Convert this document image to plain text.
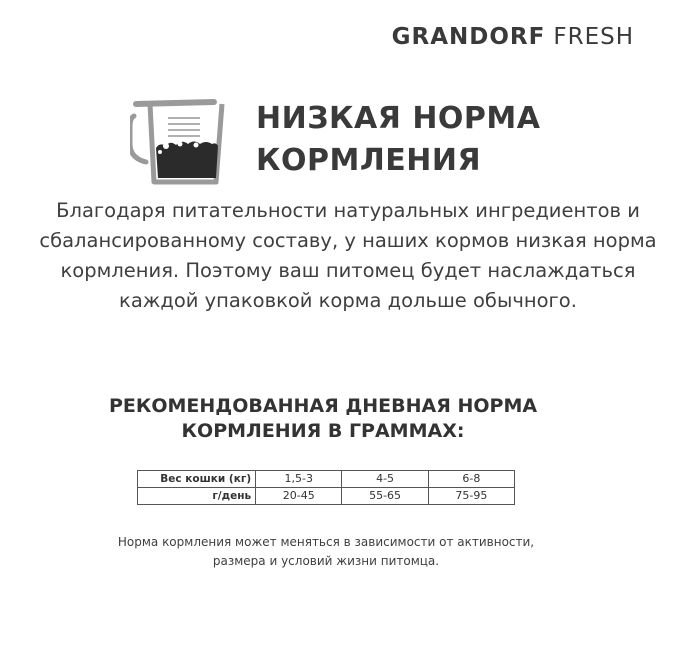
GRANDORF FRESH
НИЗКАЯ НОРМА
КОРМЛЕНИЯ
Благодаря питательности натуральных ингредиентов и
сбалансированному составу, у наших кормов низкая норма
кормления. Поэтому ваш питомец будет наслаждаться
каждой упаковкой корма дольше обычного.
РЕКОМЕНДОВАННАЯ ДНЕВНАЯ НОРМА
КОРМЛЕНИЯ В ГРАММАХ:
Вес кошки (кг)	1,5-3	4-5	6-8
г/день	20-45	55-65	75-95
Норма кормления может меняться в зависимости от активности,
размера и условий жизни питомца.
